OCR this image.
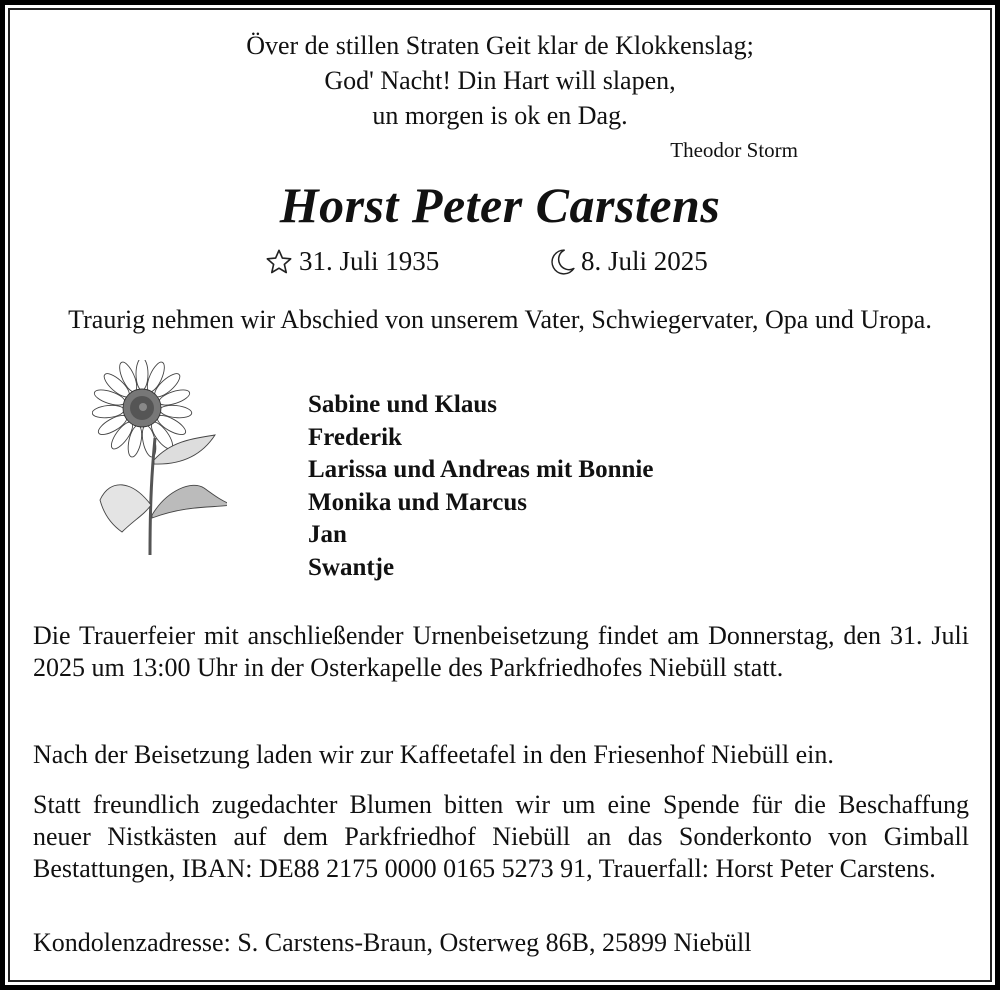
Över de stillen Straten Geit klar de Klokkenslag;
God' Nacht! Din Hart will slapen,
un morgen is ok en Dag.
Theodor Storm
Horst Peter Carstens
31. Juli 1935	8. Juli 2025
Traurig nehmen wir Abschied von unserem Vater, Schwiegervater, Opa und Uropa.
Sabine und Klaus
Frederik
Larissa und Andreas mit Bonnie
Monika und Marcus
Jan
Swantje
Die Trauerfeier mit anschließender Urnenbeisetzung findet am Donnerstag, den 31. Juli 2025 um 13:00 Uhr in der Osterkapelle des Parkfriedhofes Niebüll statt.
Nach der Beisetzung laden wir zur Kaffeetafel in den Friesenhof Niebüll ein.
Statt freundlich zugedachter Blumen bitten wir um eine Spende für die Beschaffung neuer Nistkästen auf dem Parkfriedhof Niebüll an das Sonderkonto von Gimball Bestattungen, IBAN: DE88 2175 0000 0165 5273 91, Trauerfall: Horst Peter Carstens.
Kondolenzadresse: S. Carstens-Braun, Osterweg 86B, 25899 Niebüll
